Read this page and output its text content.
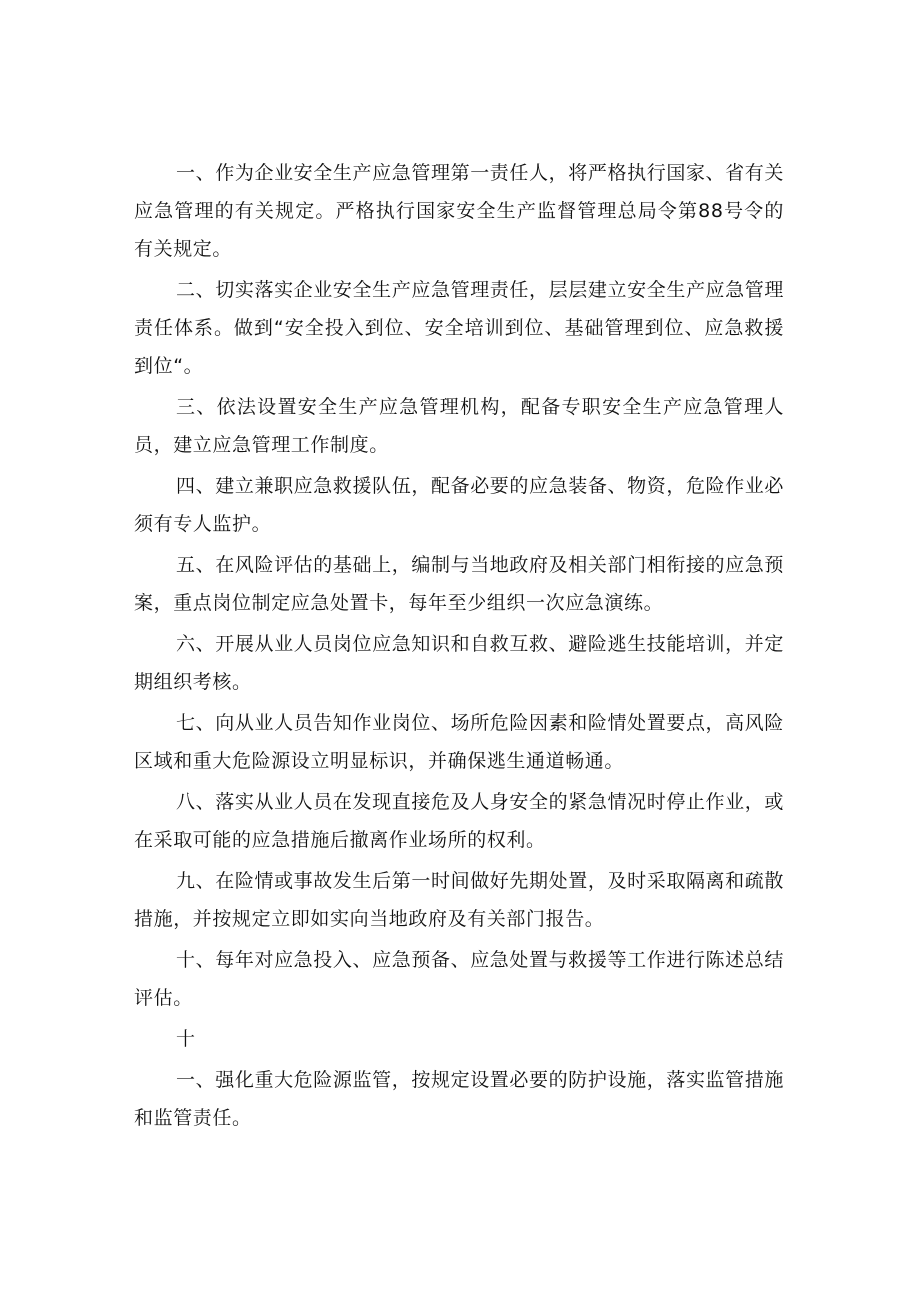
一、作为企业安全生产应急管理第一责任人，将严格执行国家、省有关应急管理的有关规定。严格执行国家安全生产监督管理总局令第88号令的有关规定。

二、切实落实企业安全生产应急管理责任，层层建立安全生产应急管理责任体系。做到“安全投入到位、安全培训到位、基础管理到位、应急救援到位“。

三、依法设置安全生产应急管理机构，配备专职安全生产应急管理人员，建立应急管理工作制度。

四、建立兼职应急救援队伍，配备必要的应急装备、物资，危险作业必须有专人监护。

五、在风险评估的基础上，编制与当地政府及相关部门相衔接的应急预案，重点岗位制定应急处置卡，每年至少组织一次应急演练。

六、开展从业人员岗位应急知识和自救互救、避险逃生技能培训，并定期组织考核。

七、向从业人员告知作业岗位、场所危险因素和险情处置要点，高风险区域和重大危险源设立明显标识，并确保逃生通道畅通。

八、落实从业人员在发现直接危及人身安全的紧急情况时停止作业，或在采取可能的应急措施后撤离作业场所的权利。

九、在险情或事故发生后第一时间做好先期处置，及时采取隔离和疏散措施，并按规定立即如实向当地政府及有关部门报告。

十、每年对应急投入、应急预备、应急处置与救援等工作进行陈述总结评估。

十

一、强化重大危险源监管，按规定设置必要的防护设施，落实监管措施和监管责任。
